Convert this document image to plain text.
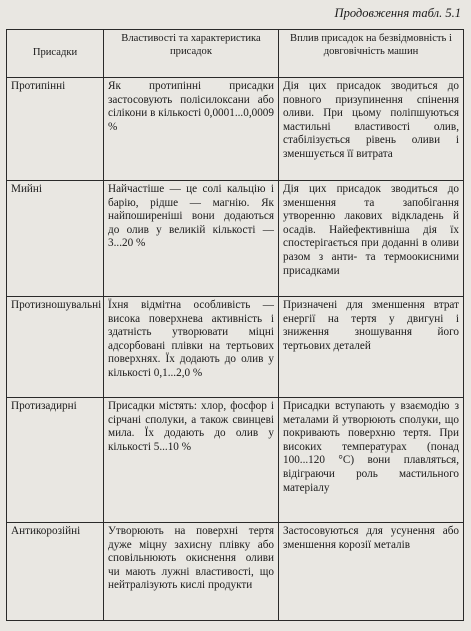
Продовження табл. 5.1
Присадки	Властивості та характеристика присадок	Вплив присадок на безвідмовність і довговічність машин
Протипінні	Як протипінні присадки застосовують полісилоксани або сілікони в кількості 0,0001...0,0009 %	Дія цих присадок зводиться до повного призупинення спінення оливи. При цьому поліпшуються мастильні властивості олив, стабілізується рівень оливи і зменшується її витрата
Мийні	Найчастіше — це солі кальцію і барію, рідше — магнію. Як найпоширеніші вони додаються до олив у великій кількості — 3...20 %	Дія цих присадок зводиться до зменшення та запобігання утворенню лакових відкладень й осадів. Найефективніша дія їх спостерігається при доданні в оливи разом з анти- та термоокисними присадками
Протизношувальні	Їхня відмітна особливість — висока поверхнева активність і здатність утворювати міцні адсорбовані плівки на тертьових поверхнях. Їх додають до олив у кількості 0,1...2,0 %	Призначені для зменшення втрат енергії на тертя у двигуні і зниження зношування його тертьових деталей
Протизадирні	Присадки містять: хлор, фосфор і сірчані сполуки, а також свинцеві мила. Їх додають до олив у кількості 5...10 %	Присадки вступають у взаємодію з металами й утворюють сполуки, що покривають поверхню тертя. При високих температурах (понад 100...120 °C) вони плавляться, відіграючи роль мастильного матеріалу
Антикорозійні	Утворюють на поверхні тертя дуже міцну захисну плівку або сповільнюють окиснення оливи чи мають лужні властивості, що нейтралізують кислі продукти	Застосовуються для усунення або зменшення корозії металів
